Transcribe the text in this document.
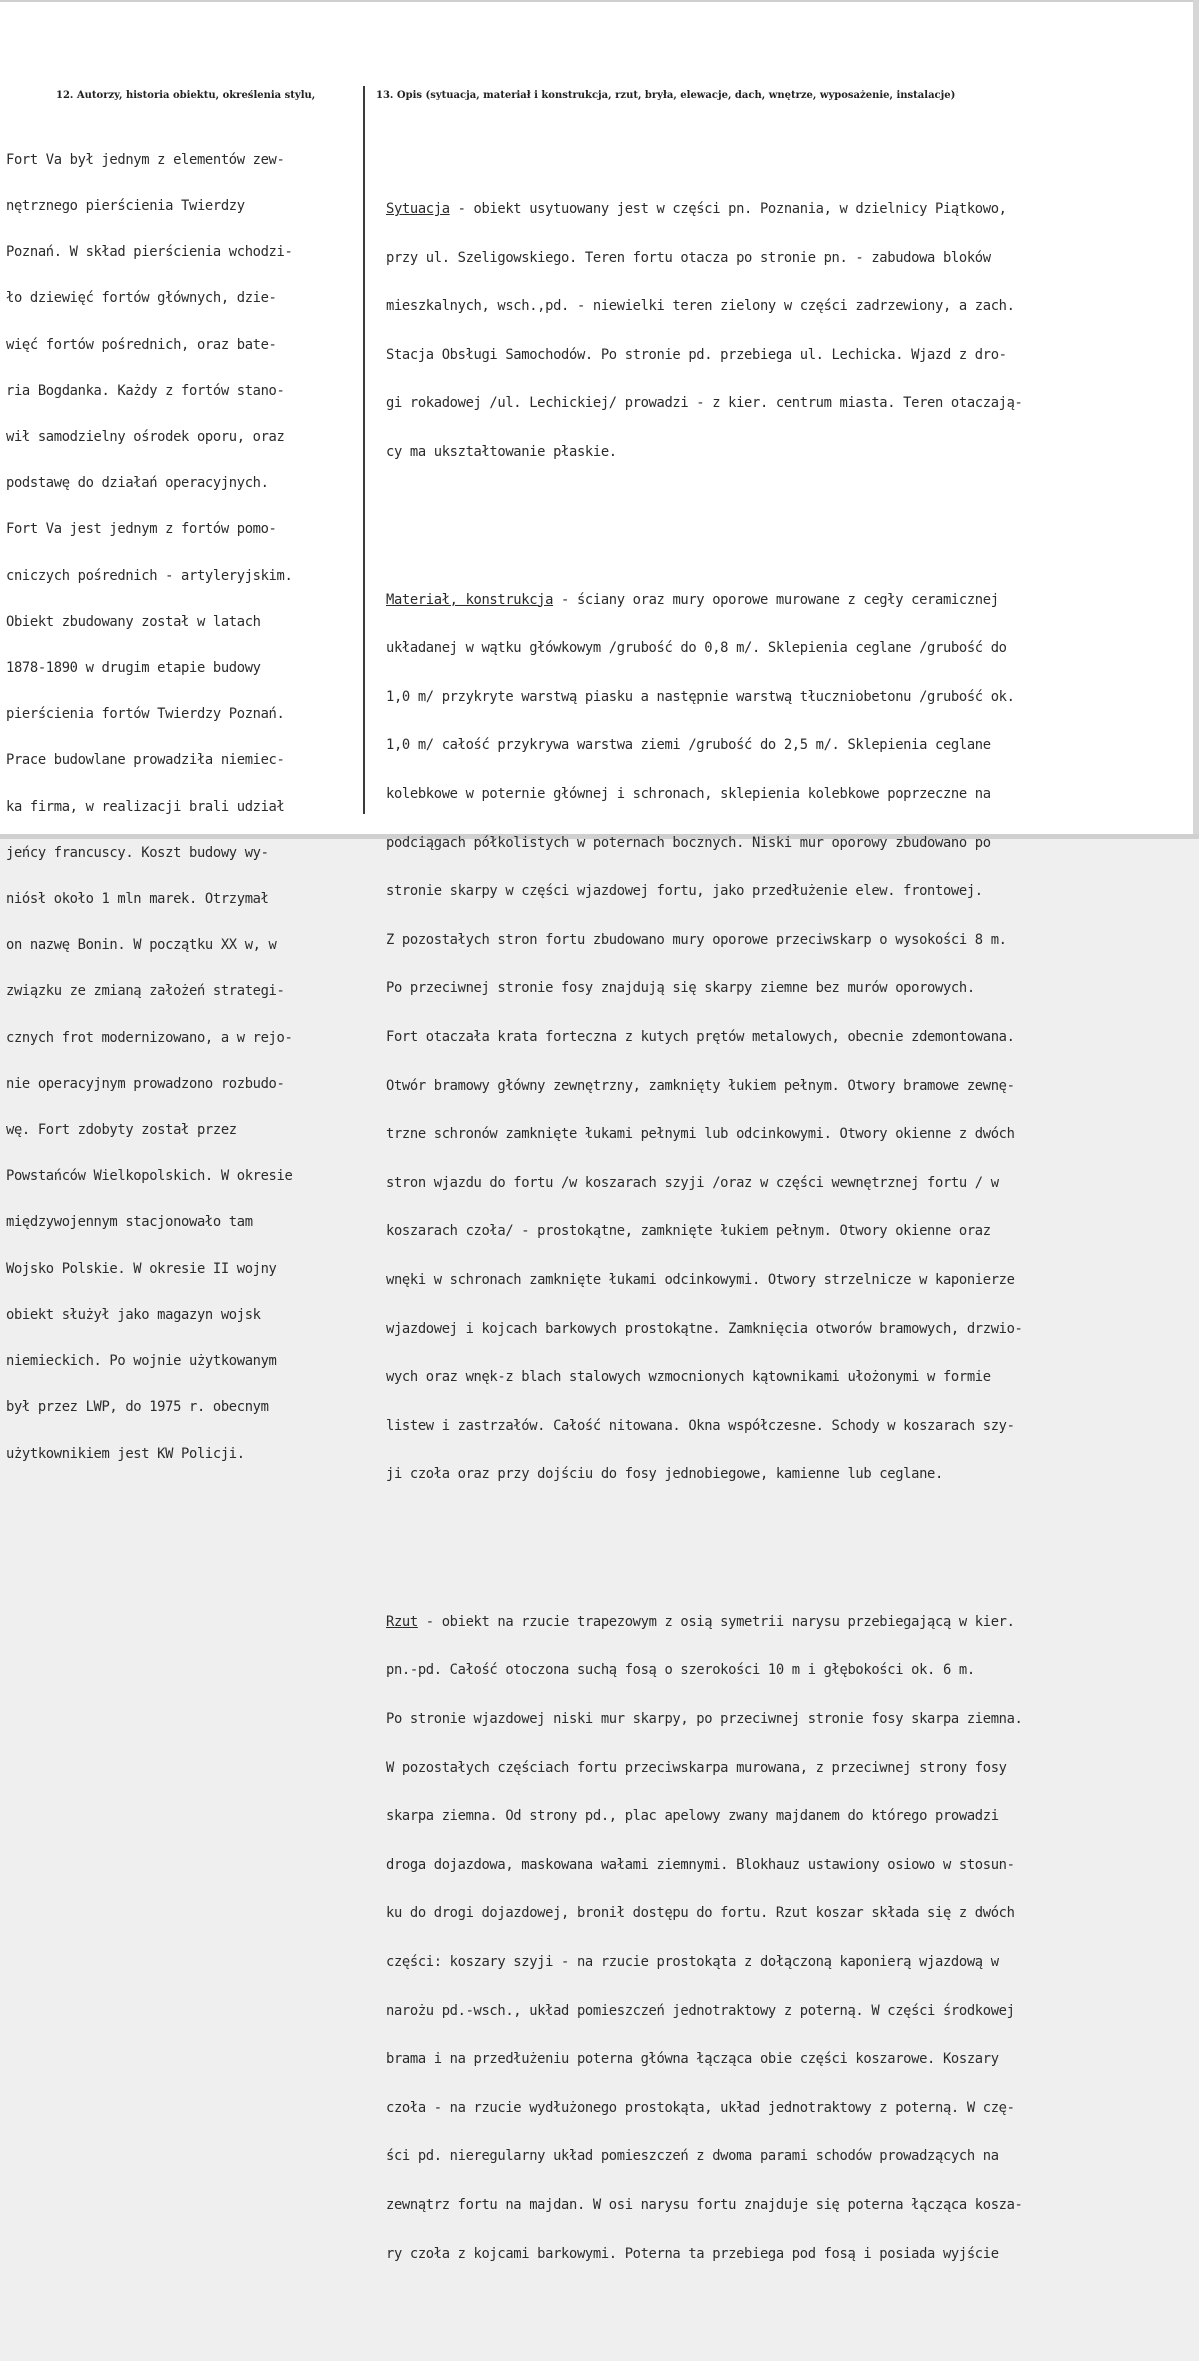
12. Autorzy, historia obiektu, określenia stylu,	13. Opis (sytuacja, materiał i konstrukcja, rzut, bryła, elewacje, dach, wnętrze, wyposażenie, instalacje)

Fort Va był jednym z elementów zew-

nętrznego pierścienia Twierdzy

Poznań. W skład pierścienia wchodzi-

ło dziewięć fortów głównych, dzie-

więć fortów pośrednich, oraz bate-

ria Bogdanka. Każdy z fortów stano-

wił samodzielny ośrodek oporu, oraz

podstawę do działań operacyjnych.

Fort Va jest jednym z fortów pomo-

cniczych pośrednich - artyleryjskim.

Obiekt zbudowany został w latach

1878-1890 w drugim etapie budowy

pierścienia fortów Twierdzy Poznań.

Prace budowlane prowadziła niemiec-

ka firma, w realizacji brali udział

jeńcy francuscy. Koszt budowy wy-

niósł około 1 mln marek. Otrzymał

on nazwę Bonin. W początku XX w, w

związku ze zmianą założeń strategi-

cznych frot modernizowano, a w rejo-

nie operacyjnym prowadzono rozbudo-

wę. Fort zdobyty został przez

Powstańców Wielkopolskich. W okresie

międzywojennym stacjonowało tam

Wojsko Polskie. W okresie II wojny

obiekt służył jako magazyn wojsk

niemieckich. Po wojnie użytkowanym

był przez LWP, do 1975 r. obecnym

użytkownikiem jest KW Policji.

Sytuacja - obiekt usytuowany jest w części pn. Poznania, w dzielnicy Piątkowo,

przy ul. Szeligowskiego. Teren fortu otacza po stronie pn. - zabudowa bloków

mieszkalnych, wsch.,pd. - niewielki teren zielony w części zadrzewiony, a zach.

Stacja Obsługi Samochodów. Po stronie pd. przebiega ul. Lechicka. Wjazd z dro-

gi rokadowej /ul. Lechickiej/ prowadzi - z kier. centrum miasta. Teren otaczają-

cy ma ukształtowanie płaskie.

Materiał, konstrukcja - ściany oraz mury oporowe murowane z cegły ceramicznej

układanej w wątku główkowym /grubość do 0,8 m/. Sklepienia ceglane /grubość do

1,0 m/ przykryte warstwą piasku a następnie warstwą tłuczniobetonu /grubość ok.

1,0 m/ całość przykrywa warstwa ziemi /grubość do 2,5 m/. Sklepienia ceglane

kolebkowe w poternie głównej i schronach, sklepienia kolebkowe poprzeczne na

podciągach półkolistych w poternach bocznych. Niski mur oporowy zbudowano po

stronie skarpy w części wjazdowej fortu, jako przedłużenie elew. frontowej.

Z pozostałych stron fortu zbudowano mury oporowe przeciwskarp o wysokości 8 m.

Po przeciwnej stronie fosy znajdują się skarpy ziemne bez murów oporowych.

Fort otaczała krata forteczna z kutych prętów metalowych, obecnie zdemontowana.

Otwór bramowy główny zewnętrzny, zamknięty łukiem pełnym. Otwory bramowe zewnę-

trzne schronów zamknięte łukami pełnymi lub odcinkowymi. Otwory okienne z dwóch

stron wjazdu do fortu /w koszarach szyji /oraz w części wewnętrznej fortu / w

koszarach czoła/ - prostokątne, zamknięte łukiem pełnym. Otwory okienne oraz

wnęki w schronach zamknięte łukami odcinkowymi. Otwory strzelnicze w kaponierze

wjazdowej i kojcach barkowych prostokątne. Zamknięcia otworów bramowych, drzwio-

wych oraz wnęk-z blach stalowych wzmocnionych kątownikami ułożonymi w formie

listew i zastrzałów. Całość nitowana. Okna współczesne. Schody w koszarach szy-

ji czoła oraz przy dojściu do fosy jednobiegowe, kamienne lub ceglane.

Rzut - obiekt na rzucie trapezowym z osią symetrii narysu przebiegającą w kier.

pn.-pd. Całość otoczona suchą fosą o szerokości 10 m i głębokości ok. 6 m.

Po stronie wjazdowej niski mur skarpy, po przeciwnej stronie fosy skarpa ziemna.

W pozostałych częściach fortu przeciwskarpa murowana, z przeciwnej strony fosy

skarpa ziemna. Od strony pd., plac apelowy zwany majdanem do którego prowadzi

droga dojazdowa, maskowana wałami ziemnymi. Blokhauz ustawiony osiowo w stosun-

ku do drogi dojazdowej, bronił dostępu do fortu. Rzut koszar składa się z dwóch

części: koszary szyji - na rzucie prostokąta z dołączoną kaponierą wjazdową w

narożu pd.-wsch., układ pomieszczeń jednotraktowy z poterną. W części środkowej

brama i na przedłużeniu poterna główna łącząca obie części koszarowe. Koszary

czoła - na rzucie wydłużonego prostokąta, układ jednotraktowy z poterną. W czę-

ści pd. nieregularny układ pomieszczeń z dwoma parami schodów prowadzących na

zewnątrz fortu na majdan. W osi narysu fortu znajduje się poterna łącząca kosza-

ry czoła z kojcami barkowymi. Poterna ta przebiega pod fosą i posiada wyjście
